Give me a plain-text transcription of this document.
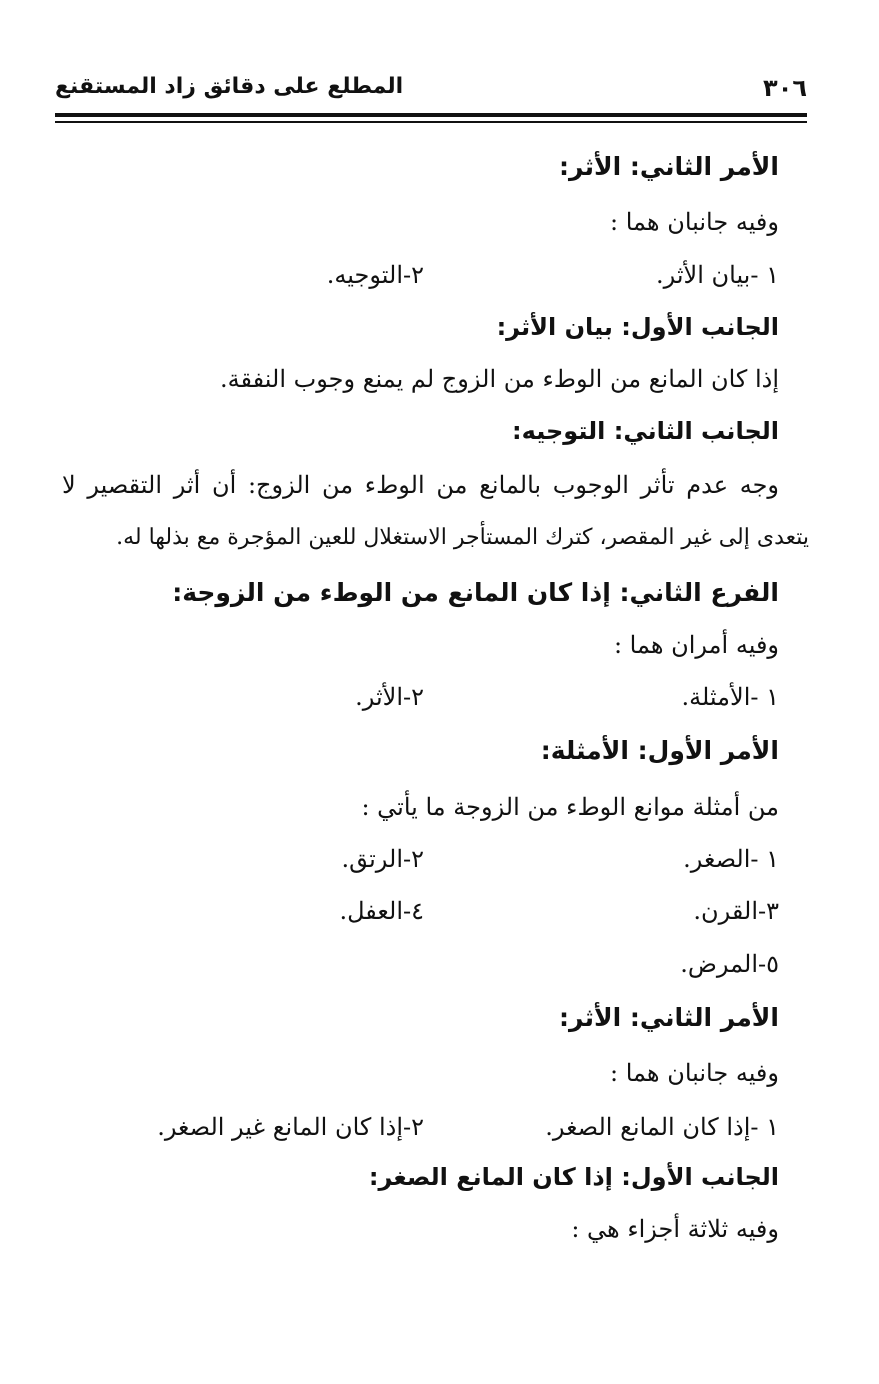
٣٠٦
المطلع على دقائق زاد المستقنع
الأمر الثاني: الأثر:
وفيه جانبان هما :
١ -بيان الأثر.
٢-التوجيه.
الجانب الأول: بيان الأثر:
إذا كان المانع من الوطء من الزوج لم يمنع وجوب النفقة.
الجانب الثاني: التوجيه:
وجه عدم تأثر الوجوب بالمانع من الوطء من الزوج: أن أثر التقصير لا
يتعدى إلى غير المقصر، كترك المستأجر الاستغلال للعين المؤجرة مع بذلها له.
الفرع الثاني: إذا كان المانع من الوطء من الزوجة:
وفيه أمران هما :
١ -الأمثلة.
٢-الأثر.
الأمر الأول: الأمثلة:
من أمثلة موانع الوطء من الزوجة ما يأتي :
١ -الصغر.
٢-الرتق.
٣-القرن.
٤-العفل.
٥-المرض.
الأمر الثاني: الأثر:
وفيه جانبان هما :
١ -إذا كان المانع الصغر.
٢-إذا كان المانع غير الصغر.
الجانب الأول: إذا كان المانع الصغر:
وفيه ثلاثة أجزاء هي :
